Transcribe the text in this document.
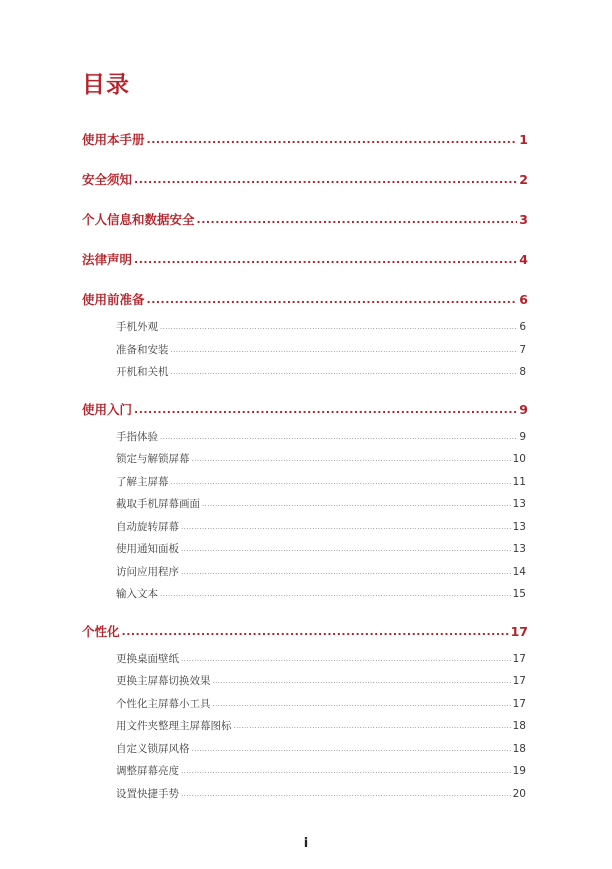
目录
使用本手册 .....	1
安全须知 .....	2
个人信息和数据安全 .....	3
法律声明 .....	4
使用前准备 .....	6
手机外观 .....	6
准备和安装 .....	7
开机和关机 .....	8
使用入门 .....	9
手指体验 .....	9
锁定与解锁屏幕 .....	10
了解主屏幕 .....	11
截取手机屏幕画面 .....	13
自动旋转屏幕 .....	13
使用通知面板 .....	13
访问应用程序 .....	14
输入文本 .....	15
个性化 .....	17
更换桌面壁纸 .....	17
更换主屏幕切换效果 .....	17
个性化主屏幕小工具 .....	17
用文件夹整理主屏幕图标 .....	18
自定义锁屏风格 .....	18
调整屏幕亮度 .....	19
设置快捷手势 .....	20
i
